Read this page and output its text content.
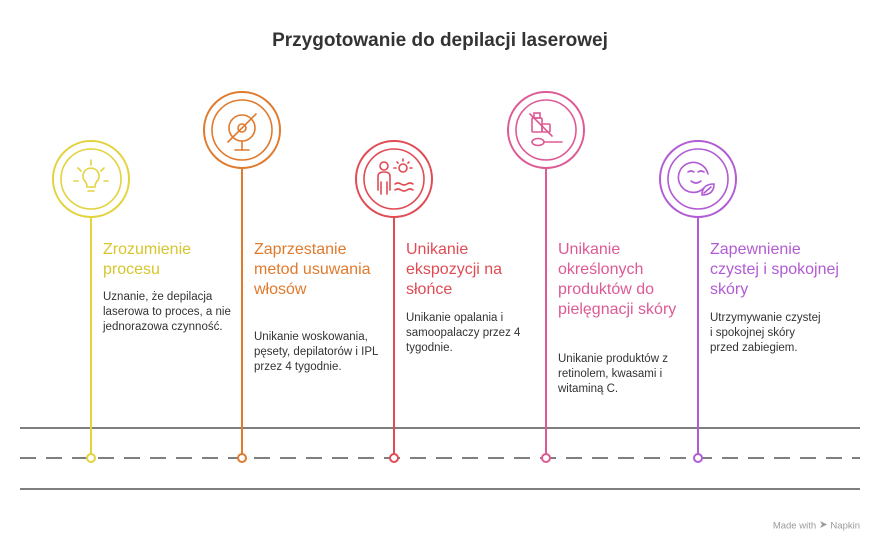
Przygotowanie do depilacji laserowej
Zrozumienie procesu
Uznanie, że depilacja laserowa to proces, a nie jednorazowa czynność.
Zaprzestanie metod usuwania włosów
Unikanie woskowania, pęsety, depilatorów i IPL przez 4 tygodnie.
Unikanie ekspozycji na słońce
Unikanie opalania i samoopalaczy przez 4 tygodnie.
Unikanie określonych produktów do pielęgnacji skóry
Unikanie produktów z retinolem, kwasami i witaminą C.
Zapewnienie czystej i spokojnej skóry
Utrzymywanie czystej i spokojnej skóry przed zabiegiem.
Made with Napkin
